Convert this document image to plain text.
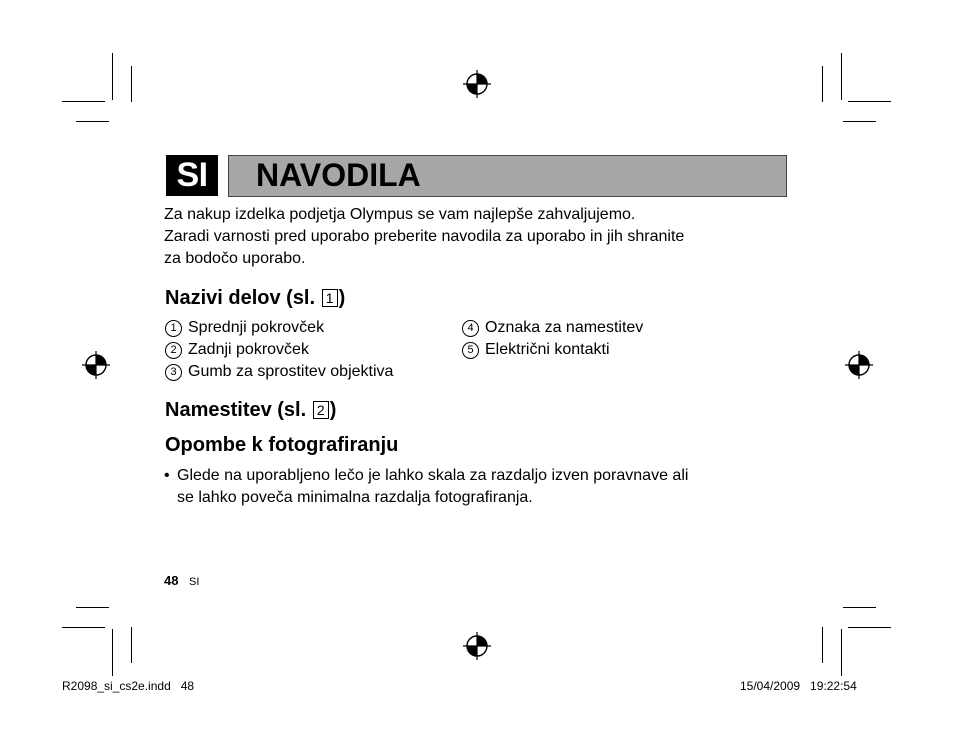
SI	NAVODILA
Za nakup izdelka podjetja Olympus se vam najlepše zahvaljujemo.
Zaradi varnosti pred uporabo preberite navodila za uporabo in jih shranite
za bodočo uporabo.
Nazivi delov (sl. 1 )
1 Sprednji pokrovček
2 Zadnji pokrovček
3 Gumb za sprostitev objektiva
4 Oznaka za namestitev
5 Električni kontakti
Namestitev (sl. 2 )
Opombe k fotografiranju
• Glede na uporabljeno lečo je lahko skala za razdaljo izven poravnave ali
se lahko poveča minimalna razdalja fotografiranja.
48 SI
R2098_si_cs2e.indd   48	15/04/2009   19:22:54
